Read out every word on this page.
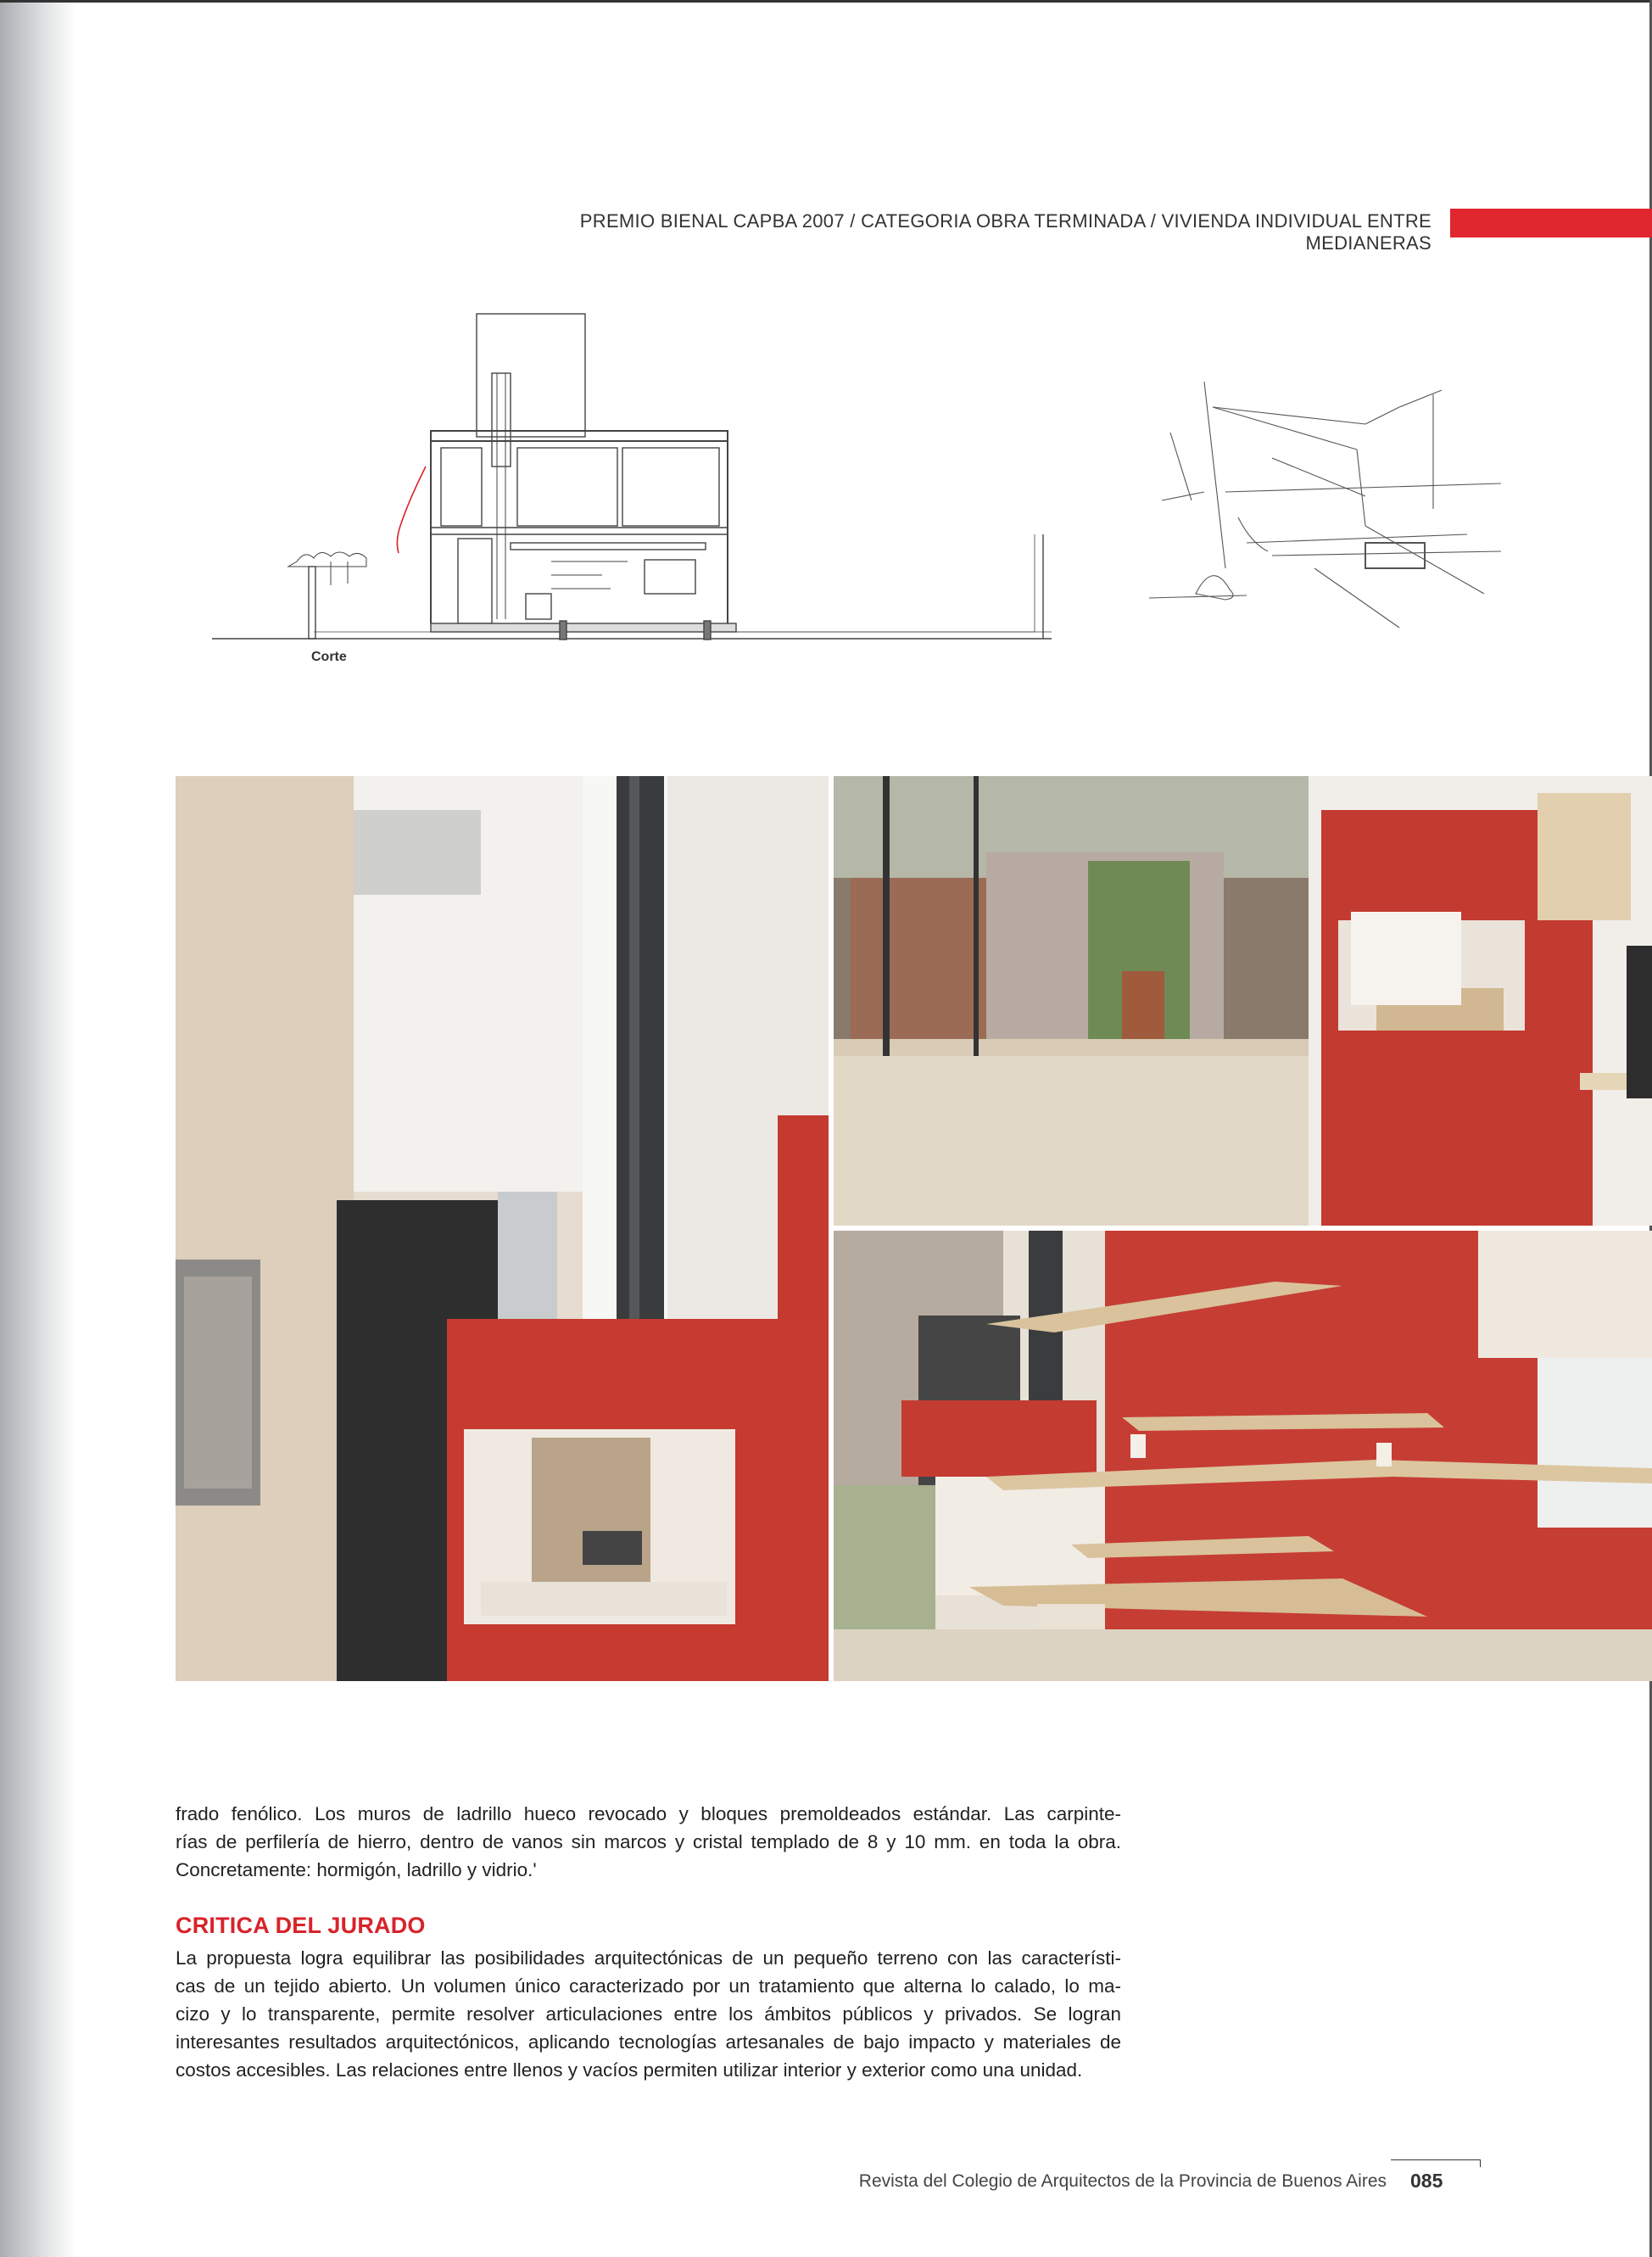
PREMIO BIENAL CAPBA 2007 / CATEGORIA OBRA TERMINADA / VIVIENDA INDIVIDUAL ENTRE MEDIANERAS
Corte

frado fenólico. Los muros de ladrillo hueco revocado y bloques premoldeados estándar. Las carpinte-
rías de perfilería de hierro, dentro de vanos sin marcos y cristal templado de 8 y 10 mm. en toda la obra.
Concretamente: hormigón, ladrillo y vidrio.'

CRITICA DEL JURADO

La propuesta logra equilibrar las posibilidades arquitectónicas de un pequeño terreno con las característi-
cas de un tejido abierto. Un volumen único caracterizado por un tratamiento que alterna lo calado, lo ma-
cizo y lo transparente, permite resolver articulaciones entre los ámbitos públicos y privados. Se logran
interesantes resultados arquitectónicos, aplicando tecnologías artesanales de bajo impacto y materiales de
costos accesibles. Las relaciones entre llenos y vacíos permiten utilizar interior y exterior como una unidad.

Revista del Colegio de Arquitectos de la Provincia de Buenos Aires 085
